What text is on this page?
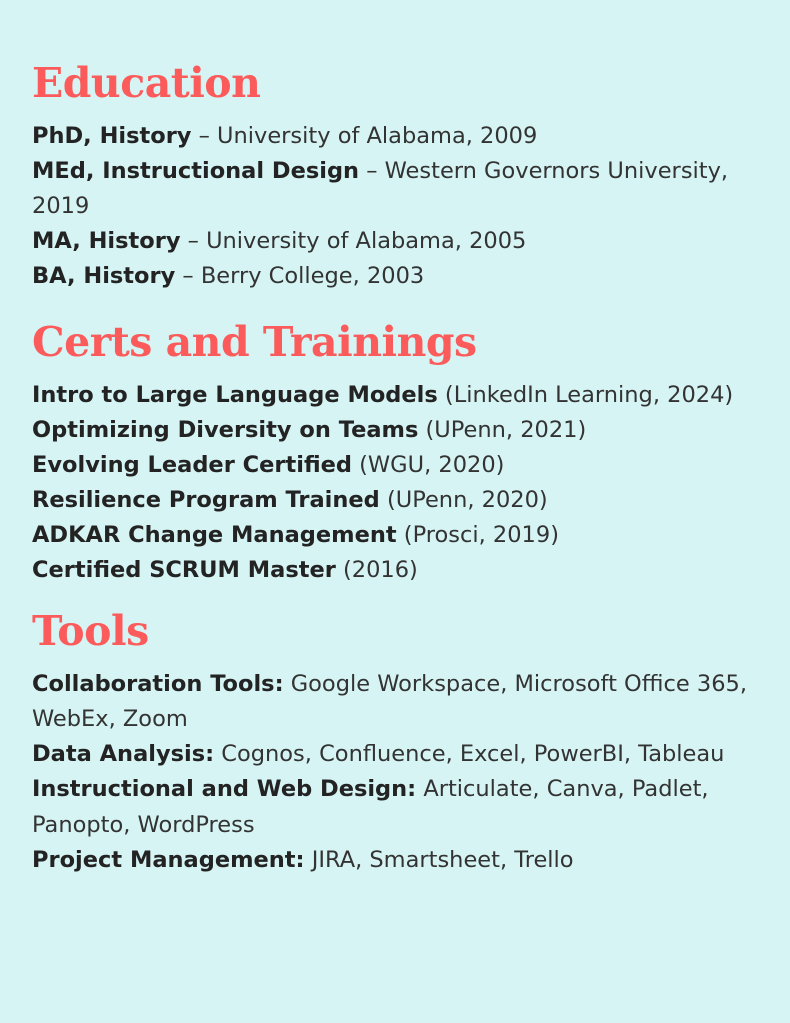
Education

PhD, History – University of Alabama, 2009

MEd, Instructional Design – Western Governors University, 2019

MA, History – University of Alabama, 2005

BA, History – Berry College, 2003

Certs and Trainings

Intro to Large Language Models (LinkedIn Learning, 2024)

Optimizing Diversity on Teams (UPenn, 2021)

Evolving Leader Certified (WGU, 2020)

Resilience Program Trained (UPenn, 2020)

ADKAR Change Management (Prosci, 2019)

Certified SCRUM Master (2016)

Tools

Collaboration Tools: Google Workspace, Microsoft Office 365, WebEx, Zoom

Data Analysis: Cognos, Confluence, Excel, PowerBI, Tableau

Instructional and Web Design: Articulate, Canva, Padlet, Panopto, WordPress

Project Management: JIRA, Smartsheet, Trello
